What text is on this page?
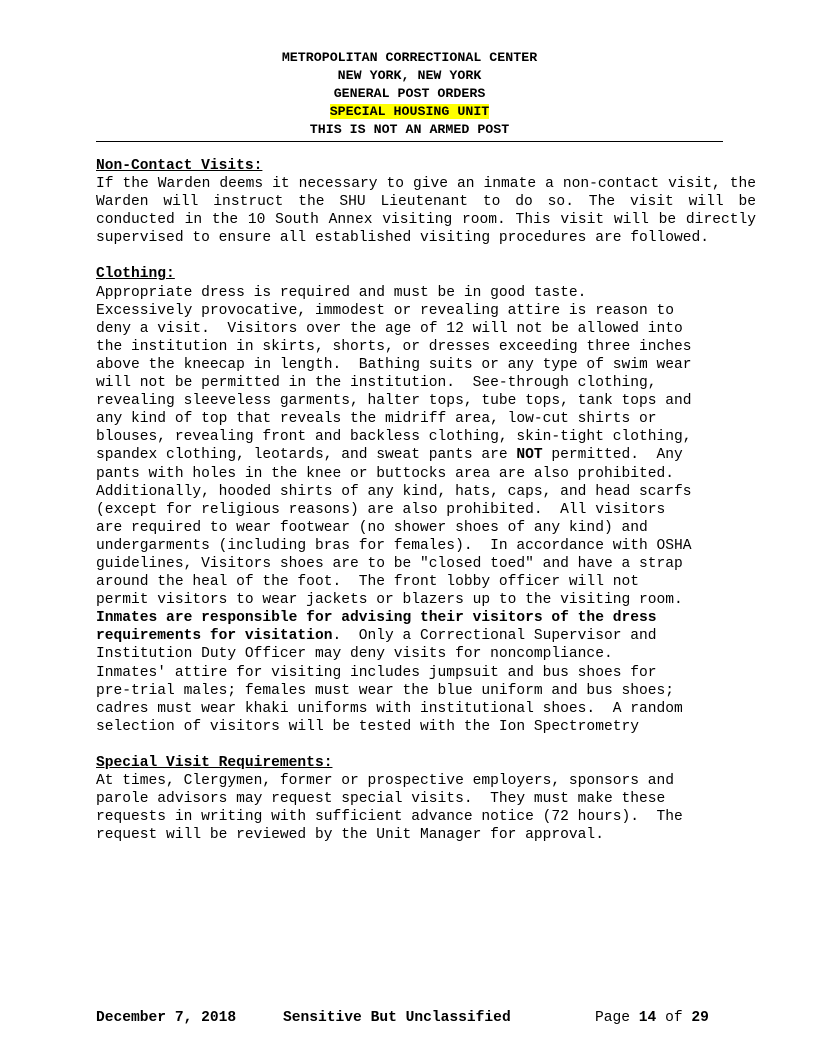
METROPOLITAN CORRECTIONAL CENTER
NEW YORK, NEW YORK
GENERAL POST ORDERS
SPECIAL HOUSING UNIT
THIS IS NOT AN ARMED POST
Non-Contact Visits:
If the Warden deems it necessary to give an inmate a non-contact visit, the Warden will instruct the SHU Lieutenant to do so. The visit will be conducted in the 10 South Annex visiting room. This visit will be directly supervised to ensure all established visiting procedures are followed.
Clothing:
Appropriate dress is required and must be in good taste.
Excessively provocative, immodest or revealing attire is reason to
deny a visit.  Visitors over the age of 12 will not be allowed into
the institution in skirts, shorts, or dresses exceeding three inches
above the kneecap in length.  Bathing suits or any type of swim wear
will not be permitted in the institution.  See-through clothing,
revealing sleeveless garments, halter tops, tube tops, tank tops and
any kind of top that reveals the midriff area, low-cut shirts or
blouses, revealing front and backless clothing, skin-tight clothing,
spandex clothing, leotards, and sweat pants are NOT permitted.  Any
pants with holes in the knee or buttocks area are also prohibited.
Additionally, hooded shirts of any kind, hats, caps, and head scarfs
(except for religious reasons) are also prohibited.  All visitors
are required to wear footwear (no shower shoes of any kind) and
undergarments (including bras for females).  In accordance with OSHA
guidelines, Visitors shoes are to be "closed toed" and have a strap
around the heal of the foot.  The front lobby officer will not
permit visitors to wear jackets or blazers up to the visiting room.
Inmates are responsible for advising their visitors of the dress
requirements for visitation.  Only a Correctional Supervisor and
Institution Duty Officer may deny visits for noncompliance.
Inmates' attire for visiting includes jumpsuit and bus shoes for
pre-trial males; females must wear the blue uniform and bus shoes;
cadres must wear khaki uniforms with institutional shoes.  A random
selection of visitors will be tested with the Ion Spectrometry
Special Visit Requirements:
At times, Clergymen, former or prospective employers, sponsors and
parole advisors may request special visits.  They must make these
requests in writing with sufficient advance notice (72 hours).  The
request will be reviewed by the Unit Manager for approval.
December 7, 2018	Sensitive But Unclassified	Page 14 of 29
